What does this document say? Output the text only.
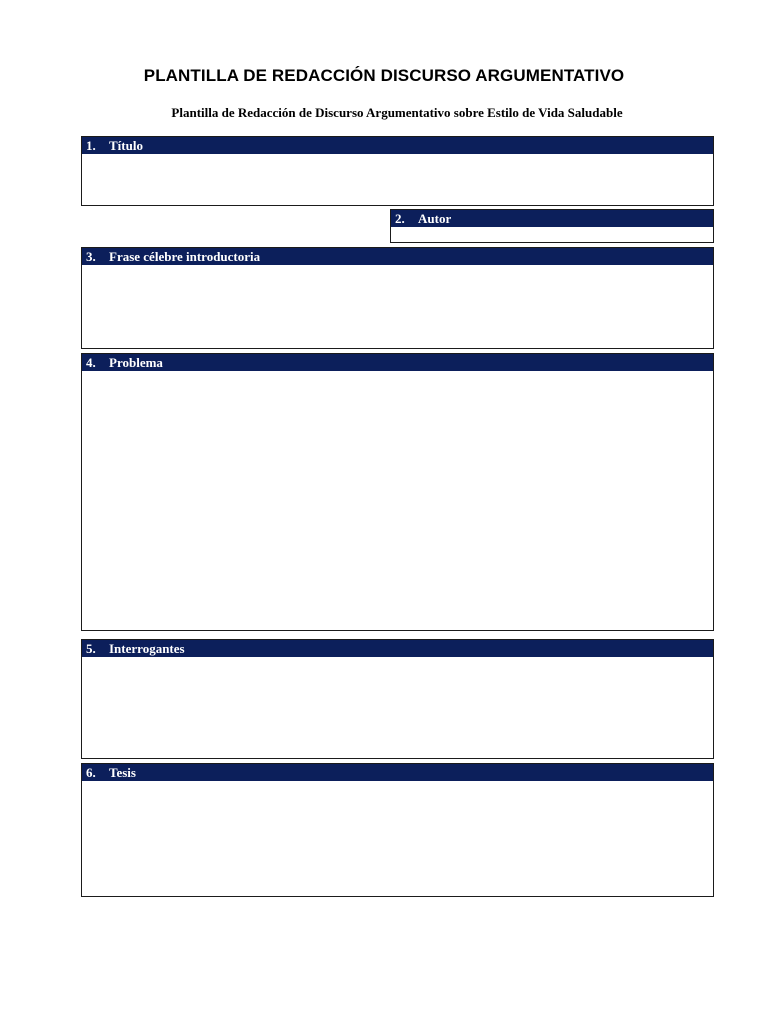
PLANTILLA DE REDACCIÓN DISCURSO ARGUMENTATIVO
Plantilla de Redacción de Discurso Argumentativo sobre Estilo de Vida Saludable
1. Título
2. Autor
3. Frase célebre introductoria
4. Problema
5. Interrogantes
6. Tesis
